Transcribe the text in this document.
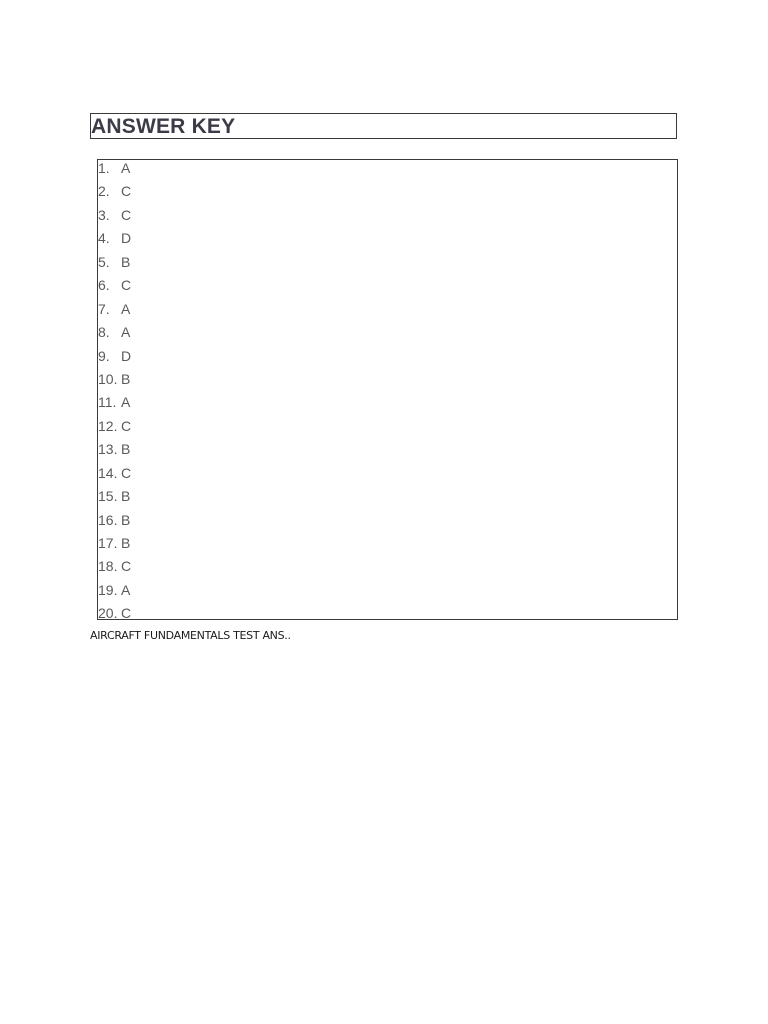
ANSWER KEY
1. A
2. C
3. C
4. D
5. B
6. C
7. A
8. A
9. D
10. B
11. A
12. C
13. B
14. C
15. B
16. B
17. B
18. C
19. A
20. C
AIRCRAFT FUNDAMENTALS TEST ANS..
